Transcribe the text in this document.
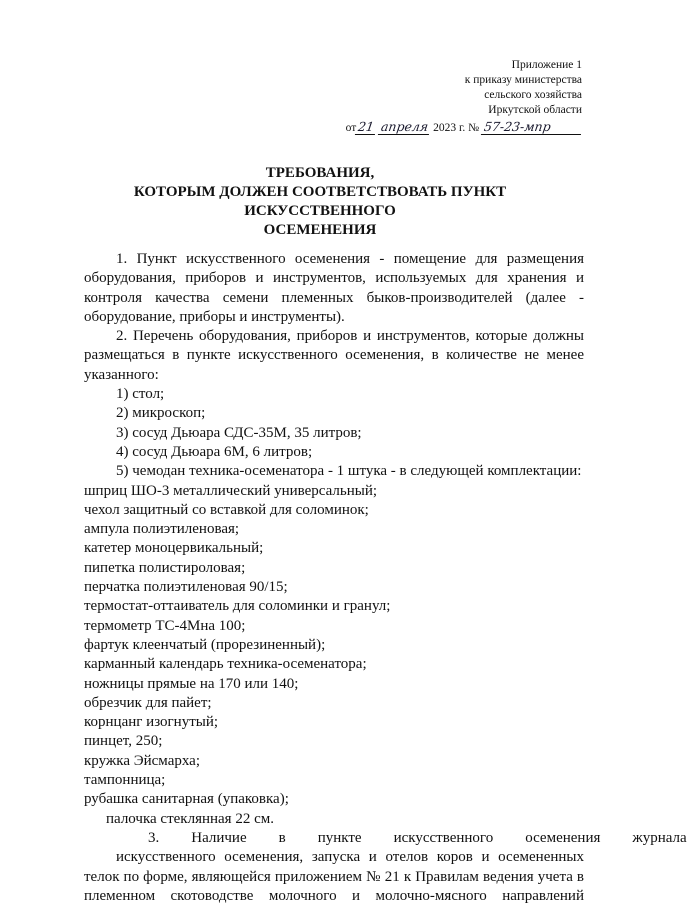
Приложение 1
к приказу министерства
сельского хозяйства
Иркутской области
от21 апреля 2023 г. № 57-23-мпр
ТРЕБОВАНИЯ,
КОТОРЫМ ДОЛЖЕН СООТВЕТСТВОВАТЬ ПУНКТ
ИСКУССТВЕННОГО
ОСЕМЕНЕНИЯ

1. Пункт искусственного осеменения - помещение для размещения оборудования, приборов и инструментов, используемых для хранения и контроля качества семени племенных быков-производителей (далее - оборудование, приборы и инструменты).

2. Перечень оборудования, приборов и инструментов, которые должны размещаться в пункте искусственного осеменения, в количестве не менее указанного:

1) стол;
2) микроскоп;
3) сосуд Дьюара СДС-35М, 35 литров;
4) сосуд Дьюара 6М, 6 литров;
5) чемодан техника-осеменатора - 1 штука - в следующей комплектации:
шприц ШО-3 металлический универсальный;
чехол защитный со вставкой для соломинок;
ампула полиэтиленовая;
катетер моноцервикальный;
пипетка полистироловая;
перчатка полиэтиленовая 90/15;
термостат-оттаиватель для соломинки и гранул;
термометр ТС-4Мна 100;
фартук клеенчатый (прорезиненный);
карманный календарь техника-осеменатора;
ножницы прямые на 170 или 140;
обрезчик для пайет;
корнцанг изогнутый;
пинцет, 250;
кружка Эйсмарха;
тампонница;
рубашка санитарная (упаковка);
палочка стеклянная 22 см.
3.	Наличие	в	пункте	искусственного	осеменения	журнала
искусственного осеменения, запуска и отелов коров и осемененных телок по форме, являющейся приложением № 21 к Правилам ведения учета в племенном скотоводстве молочного и молочно-мясного направлений
